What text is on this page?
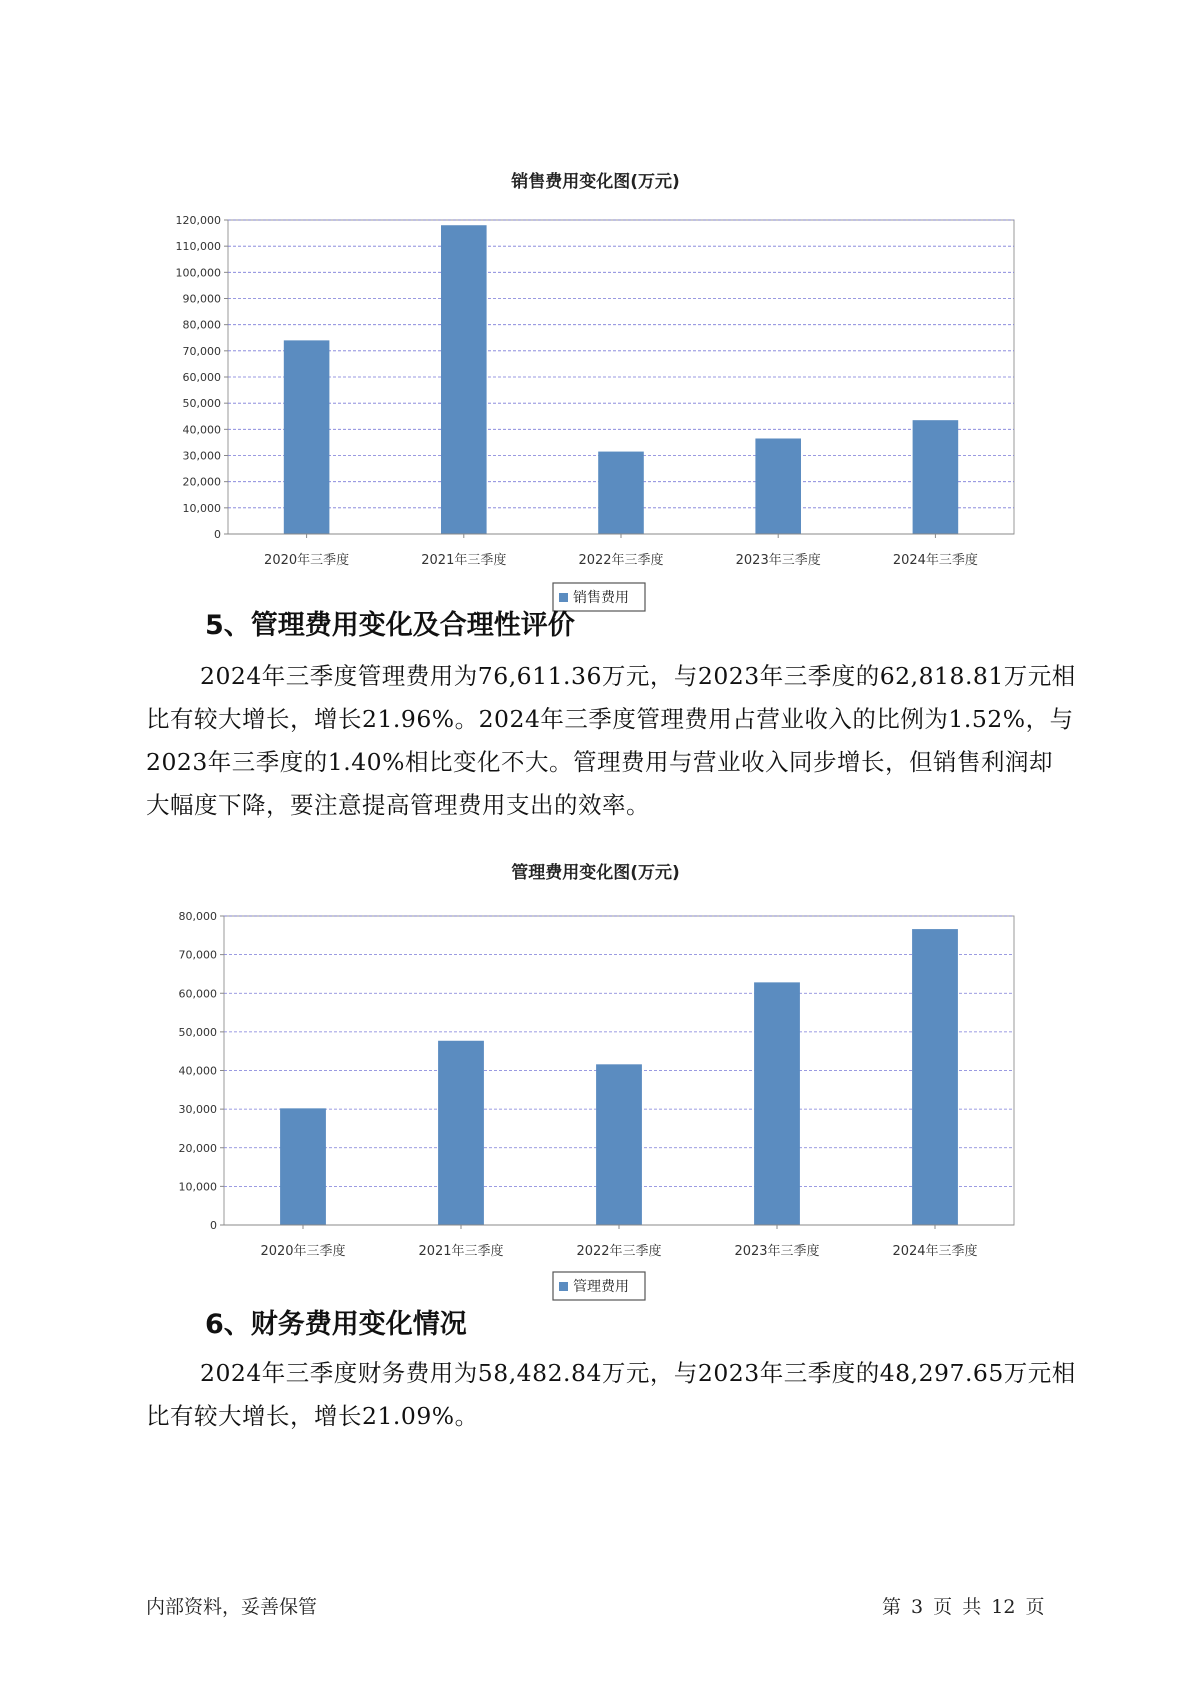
销售费用变化图(万元)
0
10,000
20,000
30,000
40,000
50,000
60,000
70,000
80,000
90,000
100,000
110,000
120,000
2020年三季度	2021年三季度	2022年三季度	2023年三季度	2024年三季度
销售费用
5、管理费用变化及合理性评价

2024年三季度管理费用为76,611.36万元，与2023年三季度的62,818.81万元相比有较大增长，增长21.96%。2024年三季度管理费用占营业收入的比例为1.52%，与2023年三季度的1.40%相比变化不大。管理费用与营业收入同步增长，但销售利润却大幅度下降，要注意提高管理费用支出的效率。

管理费用变化图(万元)
0
10,000
20,000
30,000
40,000
50,000
60,000
70,000
80,000
2020年三季度	2021年三季度	2022年三季度	2023年三季度	2024年三季度
管理费用
6、财务费用变化情况

2024年三季度财务费用为58,482.84万元，与2023年三季度的48,297.65万元相比有较大增长，增长21.09%。

内部资料，妥善保管	第 3 页 共 12 页
